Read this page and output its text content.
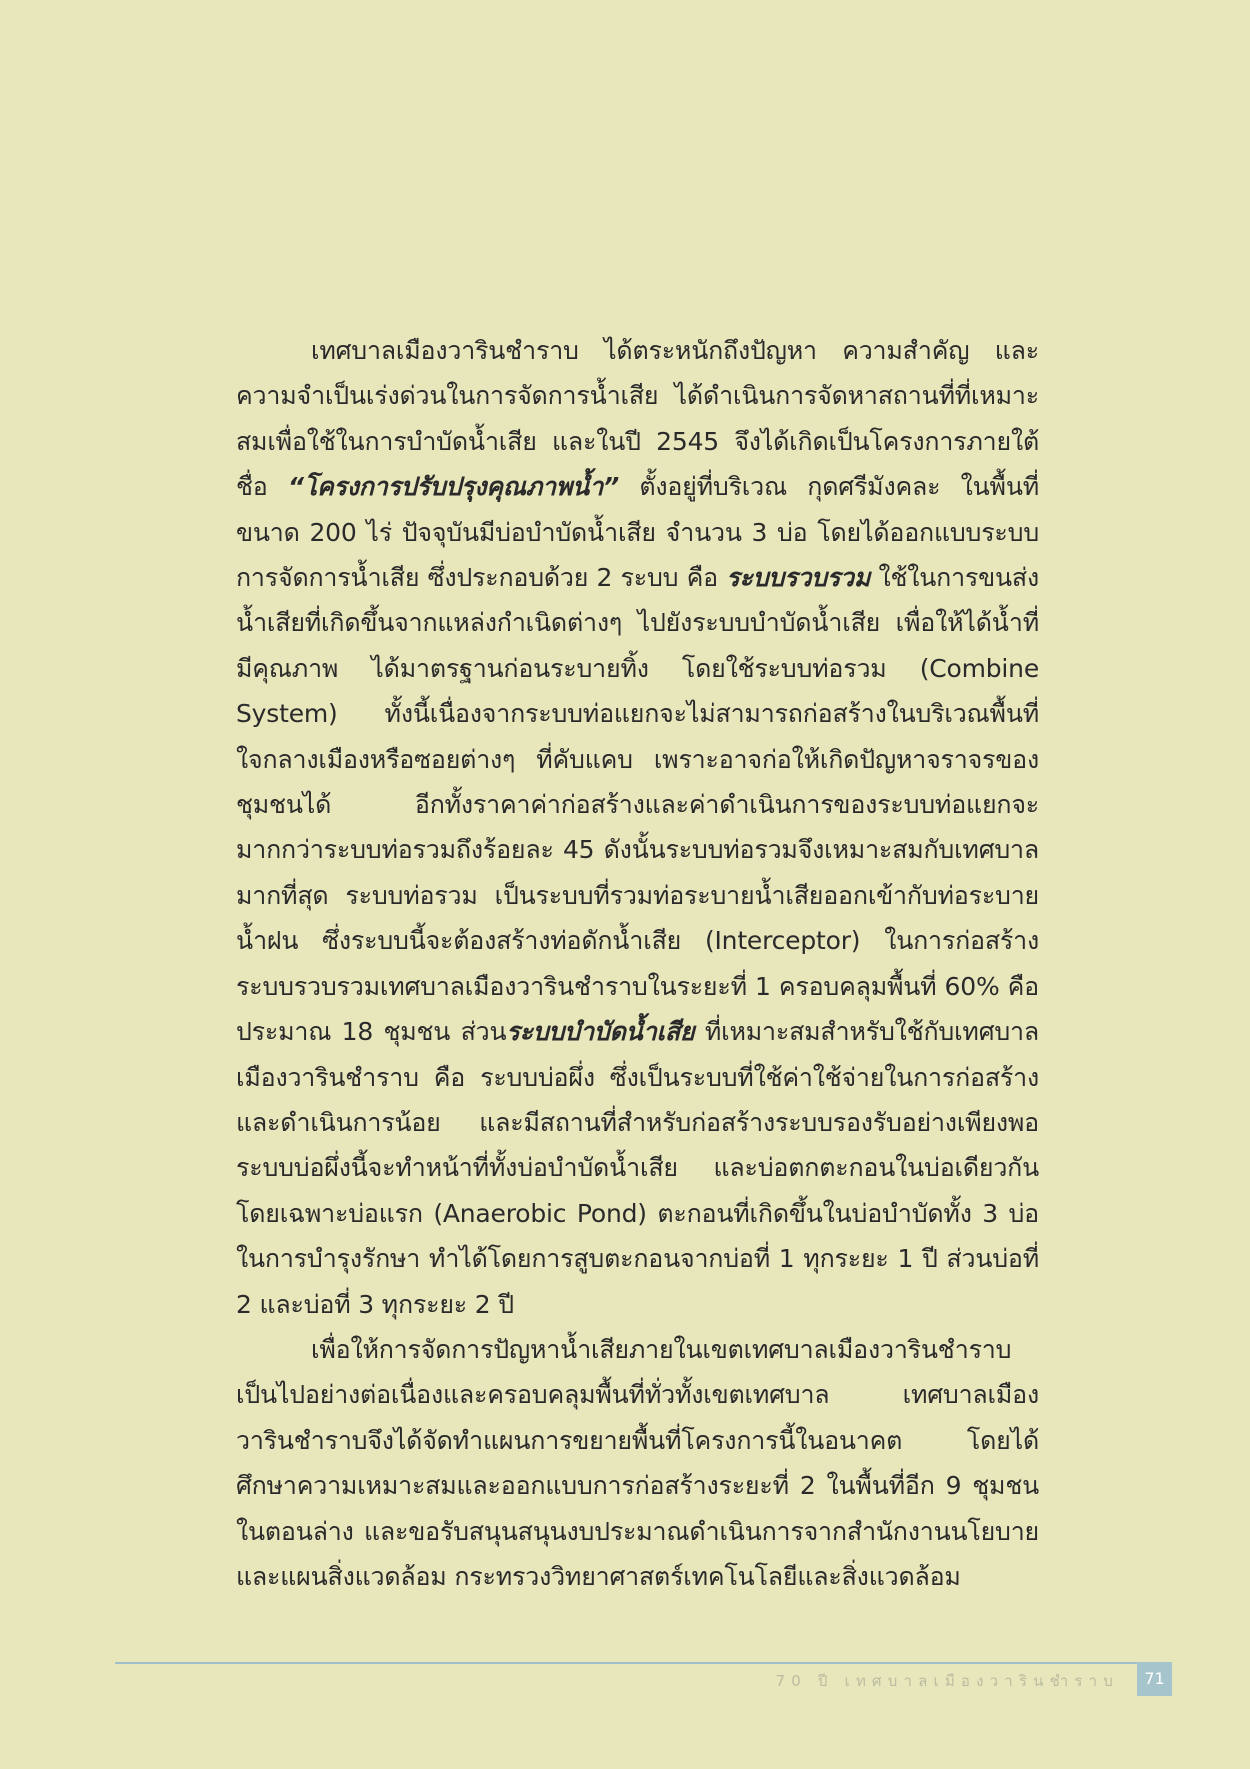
เทศบาลเมืองวารินชำราบ ได้ตระหนักถึงปัญหา ความสำคัญ และความจำเป็นเร่งด่วนในการจัดการน้ำเสีย ได้ดำเนินการจัดหาสถานที่ที่เหมาะสมเพื่อใช้ในการบำบัดน้ำเสีย และในปี 2545 จึงได้เกิดเป็นโครงการภายใต้ชื่อ “โครงการปรับปรุงคุณภาพน้ำ” ตั้งอยู่ที่บริเวณ กุดศรีมังคละ ในพื้นที่ขนาด 200 ไร่ ปัจจุบันมีบ่อบำบัดน้ำเสีย จำนวน 3 บ่อ โดยได้ออกแบบระบบการจัดการน้ำเสีย ซึ่งประกอบด้วย 2 ระบบ คือ ระบบรวบรวม ใช้ในการขนส่งน้ำเสียที่เกิดขึ้นจากแหล่งกำเนิดต่างๆ ไปยังระบบบำบัดน้ำเสีย เพื่อให้ได้น้ำที่มีคุณภาพ ได้มาตรฐานก่อนระบายทิ้ง โดยใช้ระบบท่อรวม (Combine System) ทั้งนี้เนื่องจากระบบท่อแยกจะไม่สามารถก่อสร้างในบริเวณพื้นที่ใจกลางเมืองหรือซอยต่างๆ ที่คับแคบ เพราะอาจก่อให้เกิดปัญหาจราจรของชุมชนได้ อีกทั้งราคาค่าก่อสร้างและค่าดำเนินการของระบบท่อแยกจะมากกว่าระบบท่อรวมถึงร้อยละ 45 ดังนั้นระบบท่อรวมจึงเหมาะสมกับเทศบาลมากที่สุด ระบบท่อรวม เป็นระบบที่รวมท่อระบายน้ำเสียออกเข้ากับท่อระบายน้ำฝน ซึ่งระบบนี้จะต้องสร้างท่อดักน้ำเสีย (Interceptor) ในการก่อสร้างระบบรวบรวมเทศบาลเมืองวารินชำราบในระยะที่ 1 ครอบคลุมพื้นที่ 60% คือประมาณ 18 ชุมชน ส่วนระบบบำบัดน้ำเสีย ที่เหมาะสมสำหรับใช้กับเทศบาลเมืองวารินชำราบ คือ ระบบบ่อผึ่ง ซึ่งเป็นระบบที่ใช้ค่าใช้จ่ายในการก่อสร้างและดำเนินการน้อย และมีสถานที่สำหรับก่อสร้างระบบรองรับอย่างเพียงพอ ระบบบ่อผึ่งนี้จะทำหน้าที่ทั้งบ่อบำบัดน้ำเสีย และบ่อตกตะกอนในบ่อเดียวกัน โดยเฉพาะบ่อแรก (Anaerobic Pond) ตะกอนที่เกิดขึ้นในบ่อบำบัดทั้ง 3 บ่อ ในการบำรุงรักษา ทำได้โดยการสูบตะกอนจากบ่อที่ 1 ทุกระยะ 1 ปี ส่วนบ่อที่ 2 และบ่อที่ 3 ทุกระยะ 2 ปี

เพื่อให้การจัดการปัญหาน้ำเสียภายในเขตเทศบาลเมืองวารินชำราบ เป็นไปอย่างต่อเนื่องและครอบคลุมพื้นที่ทั่วทั้งเขตเทศบาล เทศบาลเมืองวารินชำราบจึงได้จัดทำแผนการขยายพื้นที่โครงการนี้ในอนาคต โดยได้ศึกษาความเหมาะสมและออกแบบการก่อสร้างระยะที่ 2 ในพื้นที่อีก 9 ชุมชนในตอนล่าง และขอรับสนุนสนุนงบประมาณดำเนินการจากสำนักงานนโยบายและแผนสิ่งแวดล้อม กระทรวงวิทยาศาสตร์เทคโนโลยีและสิ่งแวดล้อม

70 ปี เทศบาลเมืองวารินชำราบ	71
